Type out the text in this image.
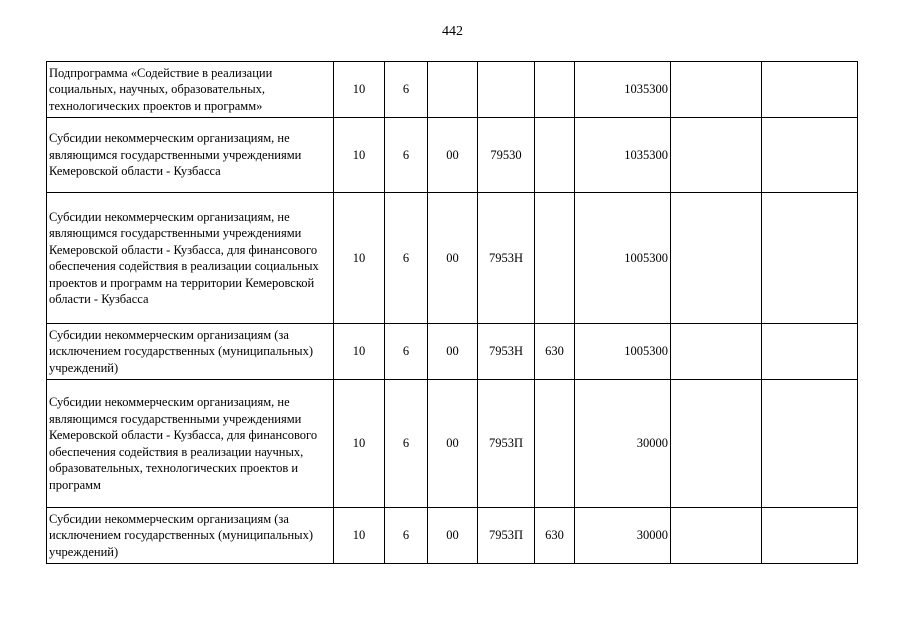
442
Подпрограмма «Содействие в реализации социальных, научных, образовательных, технологических проектов и программ»	10	6				1035300		
Субсидии некоммерческим организациям, не являющимся государственными учреждениями Кемеровской области - Кузбасса	10	6	00	79530		1035300		
Субсидии некоммерческим организациям, не являющимся государственными учреждениями Кемеровской области - Кузбасса, для финансового обеспечения содействия в реализации социальных проектов и программ на территории Кемеровской области - Кузбасса	10	6	00	7953Н		1005300		
Субсидии некоммерческим организациям (за исключением государственных (муниципальных) учреждений)	10	6	00	7953Н	630	1005300		
Субсидии некоммерческим организациям, не являющимся государственными учреждениями Кемеровской области - Кузбасса, для финансового обеспечения содействия в реализации научных, образовательных, технологических проектов и программ	10	6	00	7953П		30000		
Субсидии некоммерческим организациям (за исключением государственных (муниципальных) учреждений)	10	6	00	7953П	630	30000		
